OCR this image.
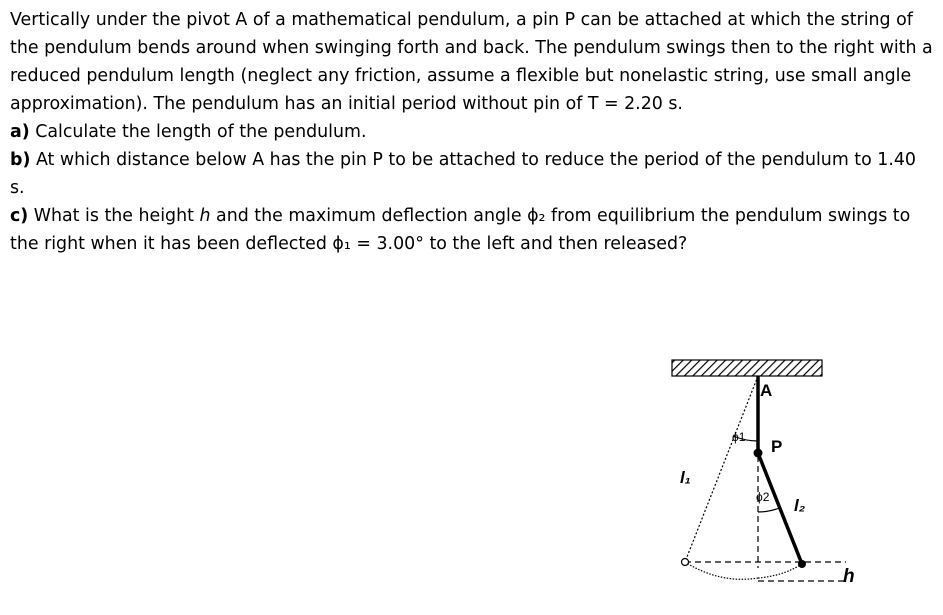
Vertically under the pivot A of a mathematical pendulum, a pin P can be attached at which the string of the pendulum bends around when swinging forth and back. The pendulum swings then to the right with a reduced pendulum length (neglect any friction, assume a flexible but nonelastic string, use small angle approximation). The pendulum has an initial period without pin of T = 2.20 s.

a) Calculate the length of the pendulum.

b) At which distance below A has the pin P to be attached to reduce the period of the pendulum to 1.40 s.

c) What is the height h and the maximum deflection angle ϕ₂ from equilibrium the pendulum swings to the right when it has been deflected ϕ₁ = 3.00° to the left and then released?

A
P
ϕ1
ϕ2
l₁
l₂
h
